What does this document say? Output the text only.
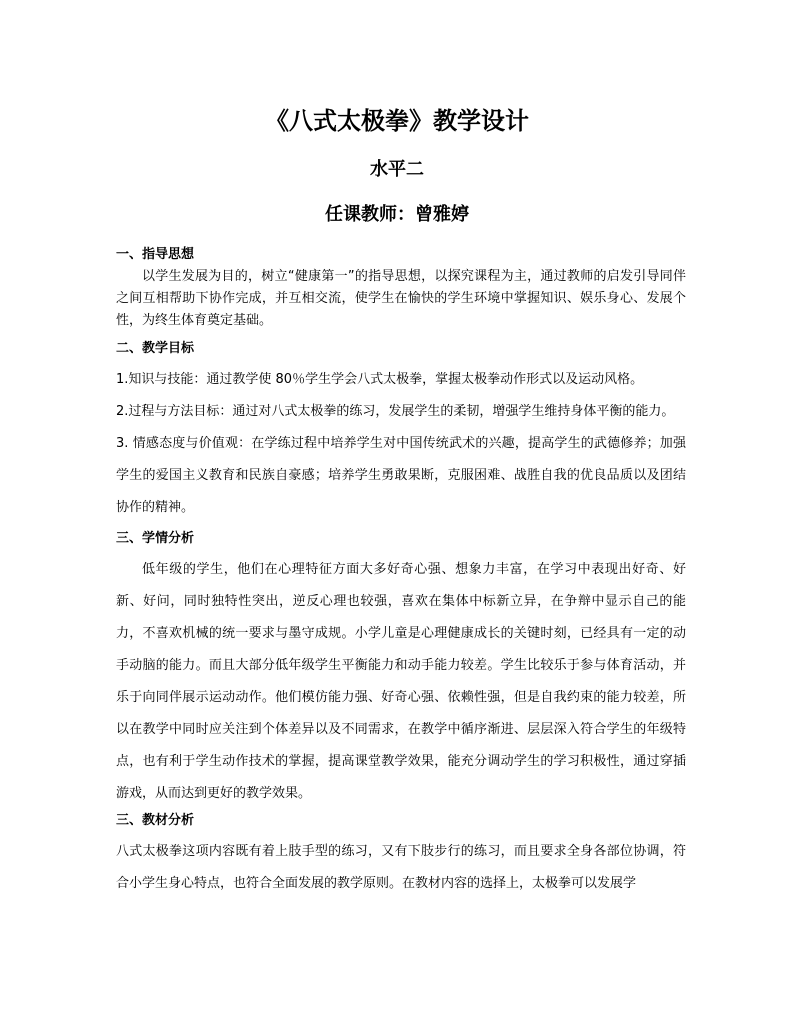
《八式太极拳》教学设计
水平二
任课教师：曾雅婷

一、指导思想

以学生发展为目的，树立“健康第一”的指导思想，以探究课程为主，通过教师的启发引导同伴之间互相帮助下协作完成，并互相交流，使学生在愉快的学生环境中掌握知识、娱乐身心、发展个性，为终生体育奠定基础。

二、教学目标

1.知识与技能：通过教学使 80％学生学会八式太极拳，掌握太极拳动作形式以及运动风格。

2.过程与方法目标：通过对八式太极拳的练习，发展学生的柔韧，增强学生维持身体平衡的能力。

3. 情感态度与价值观：在学练过程中培养学生对中国传统武术的兴趣，提高学生的武德修养；加强学生的爱国主义教育和民族自豪感；培养学生勇敢果断，克服困难、战胜自我的优良品质以及团结协作的精神。

三、学情分析

低年级的学生，他们在心理特征方面大多好奇心强、想象力丰富，在学习中表现出好奇、好新、好问，同时独特性突出，逆反心理也较强，喜欢在集体中标新立异，在争辩中显示自己的能力，不喜欢机械的统一要求与墨守成规。小学儿童是心理健康成长的关键时刻，已经具有一定的动手动脑的能力。而且大部分低年级学生平衡能力和动手能力较差。学生比较乐于参与体育活动，并乐于向同伴展示运动动作。他们模仿能力强、好奇心强、依赖性强，但是自我约束的能力较差，所以在教学中同时应关注到个体差异以及不同需求，在教学中循序渐进、层层深入符合学生的年级特点，也有利于学生动作技术的掌握，提高课堂教学效果，能充分调动学生的学习积极性，通过穿插游戏，从而达到更好的教学效果。

三、教材分析

八式太极拳这项内容既有着上肢手型的练习，又有下肢步行的练习，而且要求全身各部位协调，符合小学生身心特点，也符合全面发展的教学原则。在教材内容的选择上，太极拳可以发展学
